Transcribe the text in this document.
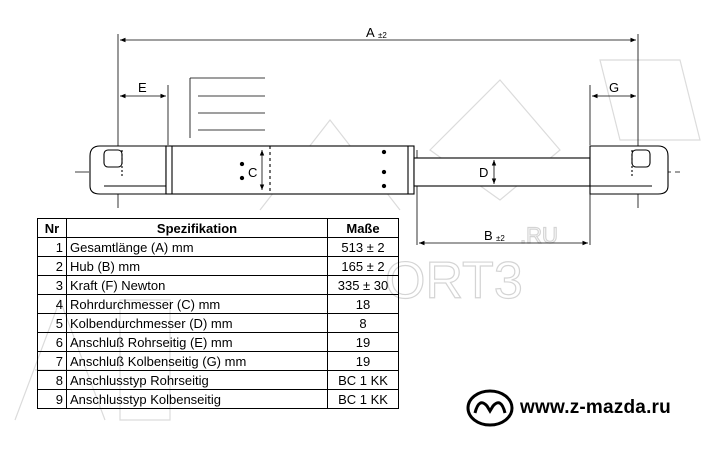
.RU
ORT3
A ±2
E	G
B ±2
C	D
Nr	Spezifikation	Maße
1	Gesamtlänge (A) mm	513 ± 2
2	Hub (B) mm	165 ± 2
3	Kraft (F) Newton	335 ± 30
4	Rohrdurchmesser (C) mm	18
5	Kolbendurchmesser (D) mm	8
6	Anschluß Rohrseitig (E) mm	19
7	Anschluß Kolbenseitig (G) mm	19
8	Anschlusstyp Rohrseitig	BC 1 KK
9	Anschlusstyp Kolbenseitig	BC 1 KK	www.z-mazda.ru
